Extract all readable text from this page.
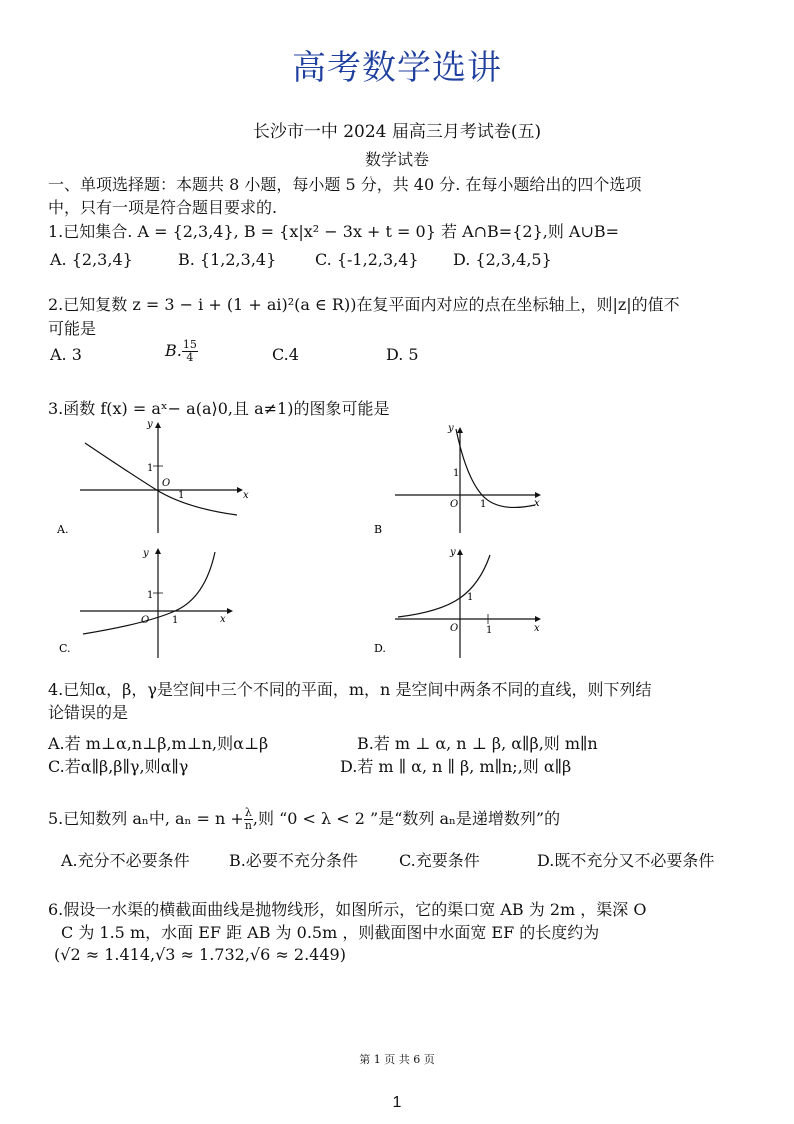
高考数学选讲
长沙市一中 2024 届高三月考试卷(五)
数学试卷
一、单项选择题：本题共 8 小题，每小题 5 分，共 40 分. 在每小题给出的四个选项
中，只有一项是符合题目要求的.
1.已知集合. A = {2,3,4}, B = {x|x² − 3x + t = 0} 若 A∩B={2},则 A∪B=
A. {2,3,4}	B. {1,2,3,4} C. {-1,2,3,4} D. {2,3,4,5}
2.已知复数 z = 3 − i + (1 + ai)²(a ∈ R))在复平面内对应的点在坐标轴上，则|z|的值不
可能是
A. 3	B. $\frac{15}{4}$	C.4	D. 5
3.函数 f(x) = aˣ− a(a⟩0,且 a≠1)的图象可能是
y
x
1
O
1
A.
y
x
1
O 1
B
y
x
1
O 1
C.
y
x
1
O	1
D.
4.已知α，β，γ是空间中三个不同的平面，m，n 是空间中两条不同的直线，则下列结
论错误的是
A.若 m⊥α,n⊥β,m⊥n,则α⊥β	B.若 m ⊥ α, n ⊥ β, α∥β,则 m∥n
C.若α∥β,β∥γ,则α∥γ	D.若 m ∥ α, n ∥ β, m∥n;,则 α∥β
5.已知数列 aₙ中, $a_n = n + \frac{\lambda}{n}$ ,则 “0 < λ < 2 ”是“数列 aₙ是递增数列”的
A.充分不必要条件 B.必要不充分条件	C.充要条件	D.既不充分又不必要条件
6.假设一水渠的横截面曲线是抛物线形，如图所示，它的渠口宽 AB 为 2m ，渠深 O
C 为 1.5 m，水面 EF 距 AB 为 0.5m ，则截面图中水面宽 EF 的长度约为
(√2 ≈ 1.414,√3 ≈ 1.732,√6 ≈ 2.449)
第 1 页 共 6 页
1
